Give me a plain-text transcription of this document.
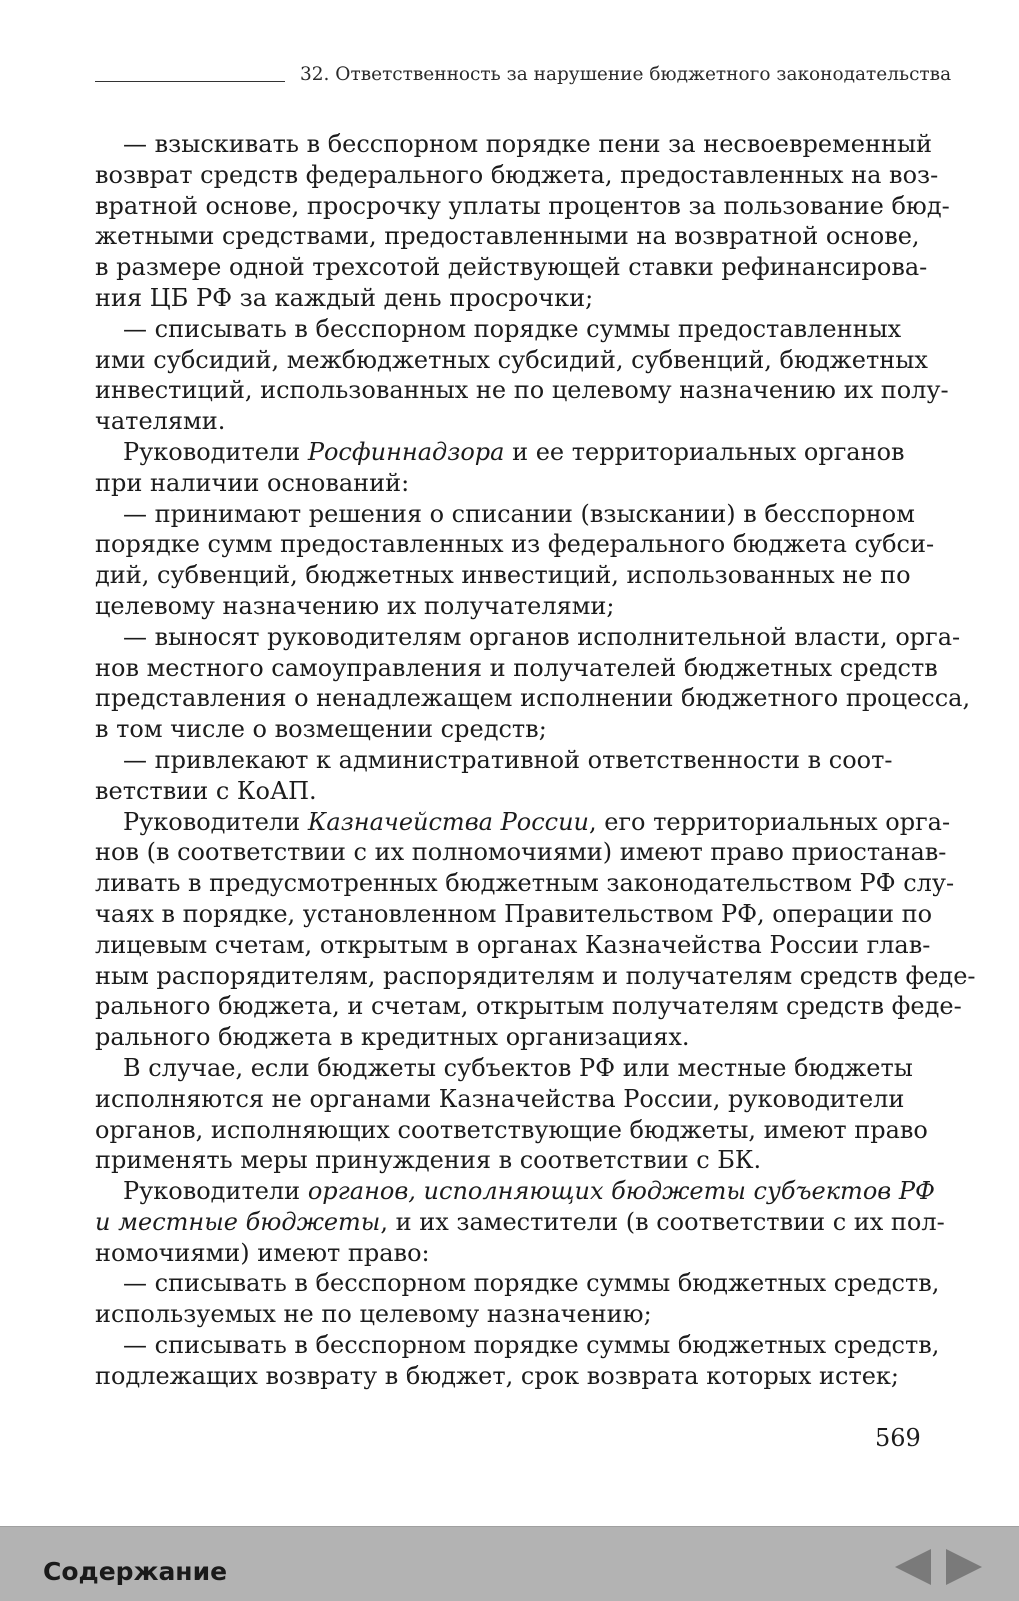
32. Ответственность за нарушение бюджетного законодательства
— взыскивать в бесспорном порядке пени за несвоевременный
возврат средств федерального бюджета, предоставленных на воз-
вратной основе, просрочку уплаты процентов за пользование бюд-
жетными средствами, предоставленными на возвратной основе,
в размере одной трехсотой действующей ставки рефинансирова-
ния ЦБ РФ за каждый день просрочки;
— списывать в бесспорном порядке суммы предоставленных
ими субсидий, межбюджетных субсидий, субвенций, бюджетных
инвестиций, использованных не по целевому назначению их полу-
чателями.
Руководители Росфиннадзора и ее территориальных органов
при наличии оснований:
— принимают решения о списании (взыскании) в бесспорном
порядке сумм предоставленных из федерального бюджета субси-
дий, субвенций, бюджетных инвестиций, использованных не по
целевому назначению их получателями;
— выносят руководителям органов исполнительной власти, орга-
нов местного самоуправления и получателей бюджетных средств
представления о ненадлежащем исполнении бюджетного процесса,
в том числе о возмещении средств;
— привлекают к административной ответственности в соот-
ветствии с КоАП.
Руководители Казначейства России, его территориальных орга-
нов (в соответствии с их полномочиями) имеют право приостанав-
ливать в предусмотренных бюджетным законодательством РФ слу-
чаях в порядке, установленном Правительством РФ, операции по
лицевым счетам, открытым в органах Казначейства России глав-
ным распорядителям, распорядителям и получателям средств феде-
рального бюджета, и счетам, открытым получателям средств феде-
рального бюджета в кредитных организациях.
В случае, если бюджеты субъектов РФ или местные бюджеты
исполняются не органами Казначейства России, руководители
органов, исполняющих соответствующие бюджеты, имеют право
применять меры принуждения в соответствии с БК.
Руководители органов, исполняющих бюджеты субъектов РФ
и местные бюджеты, и их заместители (в соответствии с их пол-
номочиями) имеют право:
— списывать в бесспорном порядке суммы бюджетных средств,
используемых не по целевому назначению;
— списывать в бесспорном порядке суммы бюджетных средств,
подлежащих возврату в бюджет, срок возврата которых истек;
569
Содержание
